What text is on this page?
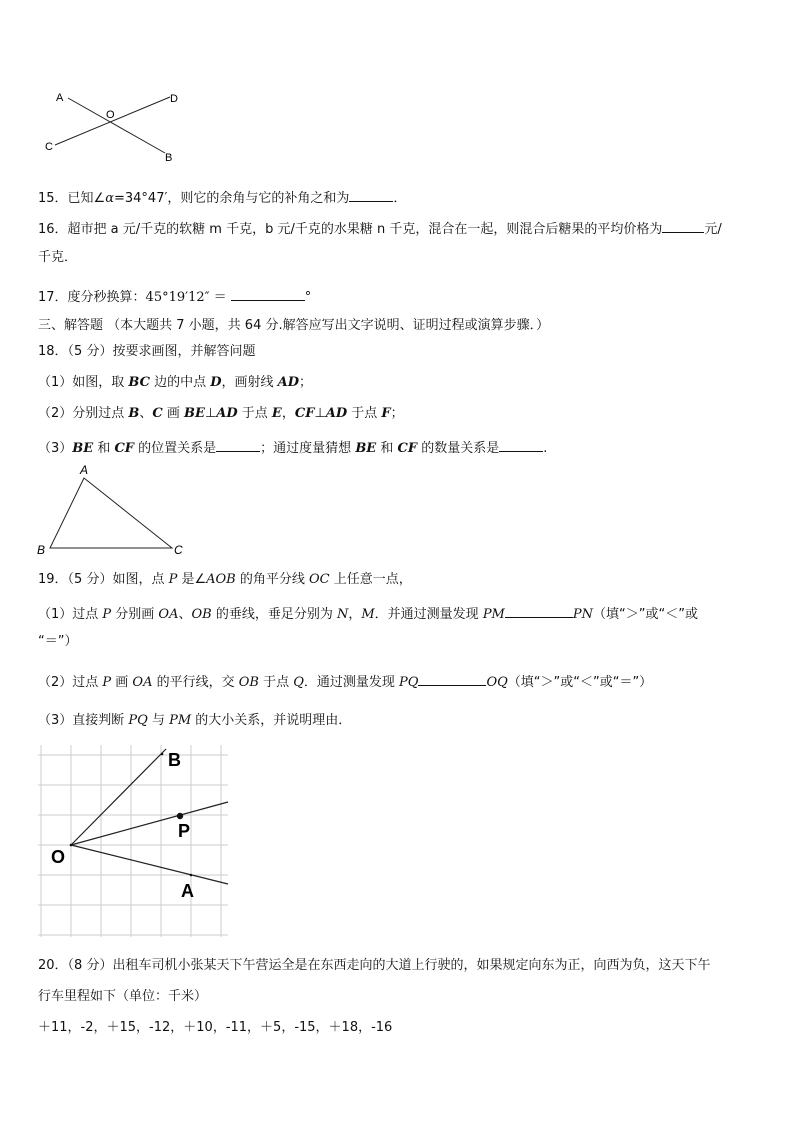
A
O
D
C
B
15．已知∠α=34°47′，则它的余角与它的补角之和为	．
16．超市把 a 元/千克的软糖 m 千克，b 元/千克的水果糖 n 千克，混合在一起，则混合后糖果的平均价格为	元/
千克．
17．度分秒换算：45°19′12″ ＝	°
三、解答题 （本大题共 7 小题，共 64 分.解答应写出文字说明、证明过程或演算步骤．）
18．（5 分）按要求画图，并解答问题
（1）如图，取 BC 边的中点 D，画射线 AD；
（2）分别过点 B、C 画 BE⊥AD 于点 E，CF⊥AD 于点 F；
（3）BE 和 CF 的位置关系是	；通过度量猜想 BE 和 CF 的数量关系是	.
A
B	C
19．（5 分）如图，点 P 是∠AOB 的角平分线 OC 上任意一点，
（1）过点 P 分别画 OA、OB 的垂线，垂足分别为 N，M．并通过测量发现 PM	PN（填“＞”或“＜”或
“＝”）
（2）过点 P 画 OA 的平行线，交 OB 于点 Q．通过测量发现 PQ	OQ（填“＞”或“＜”或“＝”）
（3）直接判断 PQ 与 PM 的大小关系，并说明理由．
B
P
O
A
20．（8 分）出租车司机小张某天下午营运全是在东西走向的大道上行驶的，如果规定向东为正，向西为负，这天下午
行车里程如下（单位：千米）
＋11，-2，＋15，-12，＋10，-11，＋5，-15，＋18，-16
